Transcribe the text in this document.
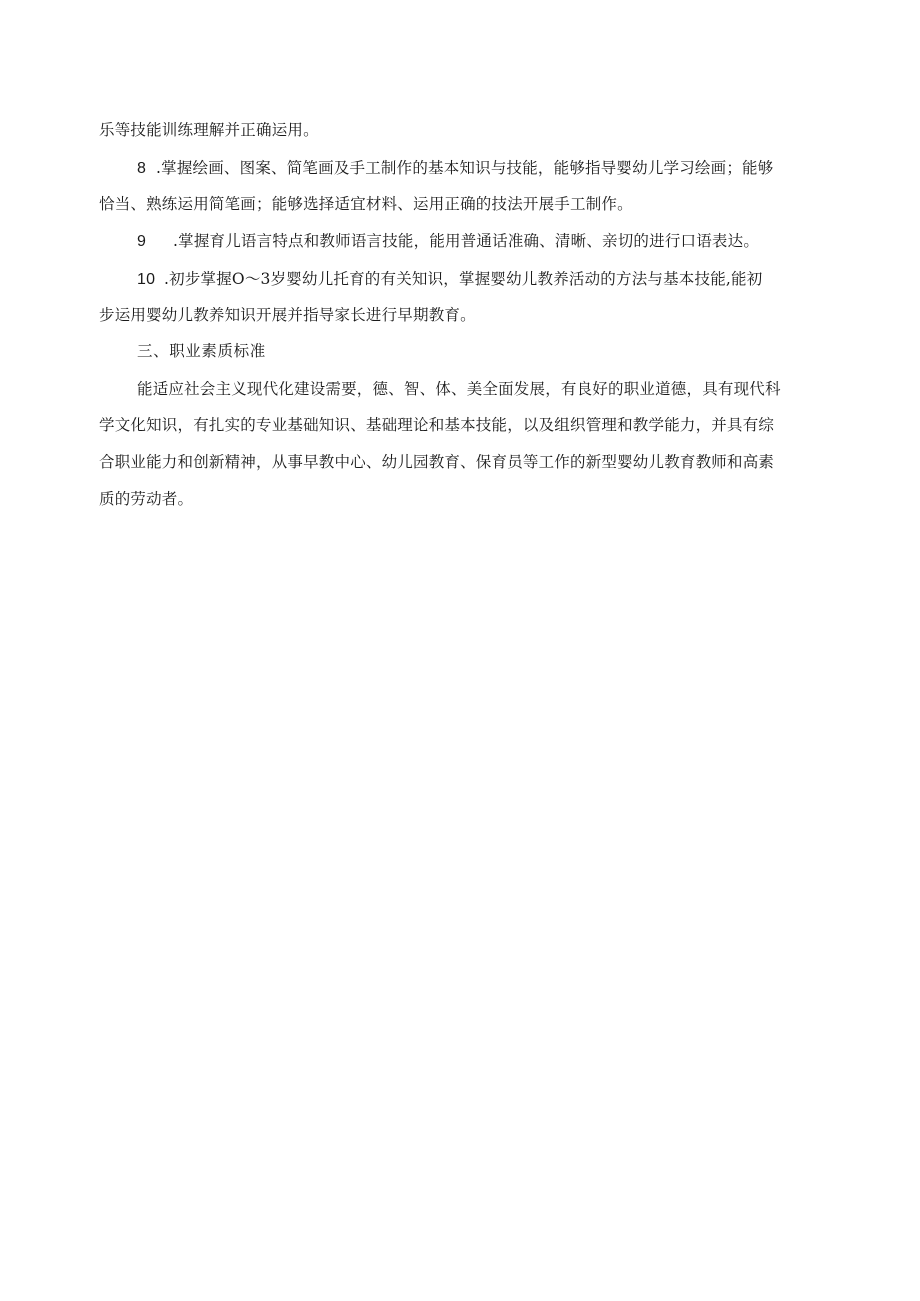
乐等技能训练理解并正确运用。
8 .掌握绘画、图案、简笔画及手工制作的基本知识与技能，能够指导婴幼儿学习绘画；能够
恰当、熟练运用简笔画；能够选择适宜材料、运用正确的技法开展手工制作。
9 .掌握育儿语言特点和教师语言技能，能用普通话准确、清晰、亲切的进行口语表达。
10 .初步掌握O～3岁婴幼儿托育的有关知识，掌握婴幼儿教养活动的方法与基本技能,能初
步运用婴幼儿教养知识开展并指导家长进行早期教育。
三、职业素质标准
能适应社会主义现代化建设需要，德、智、体、美全面发展，有良好的职业道德，具有现代科
学文化知识，有扎实的专业基础知识、基础理论和基本技能，以及组织管理和教学能力，并具有综
合职业能力和创新精神，从事早教中心、幼儿园教育、保育员等工作的新型婴幼儿教育教师和高素
质的劳动者。
